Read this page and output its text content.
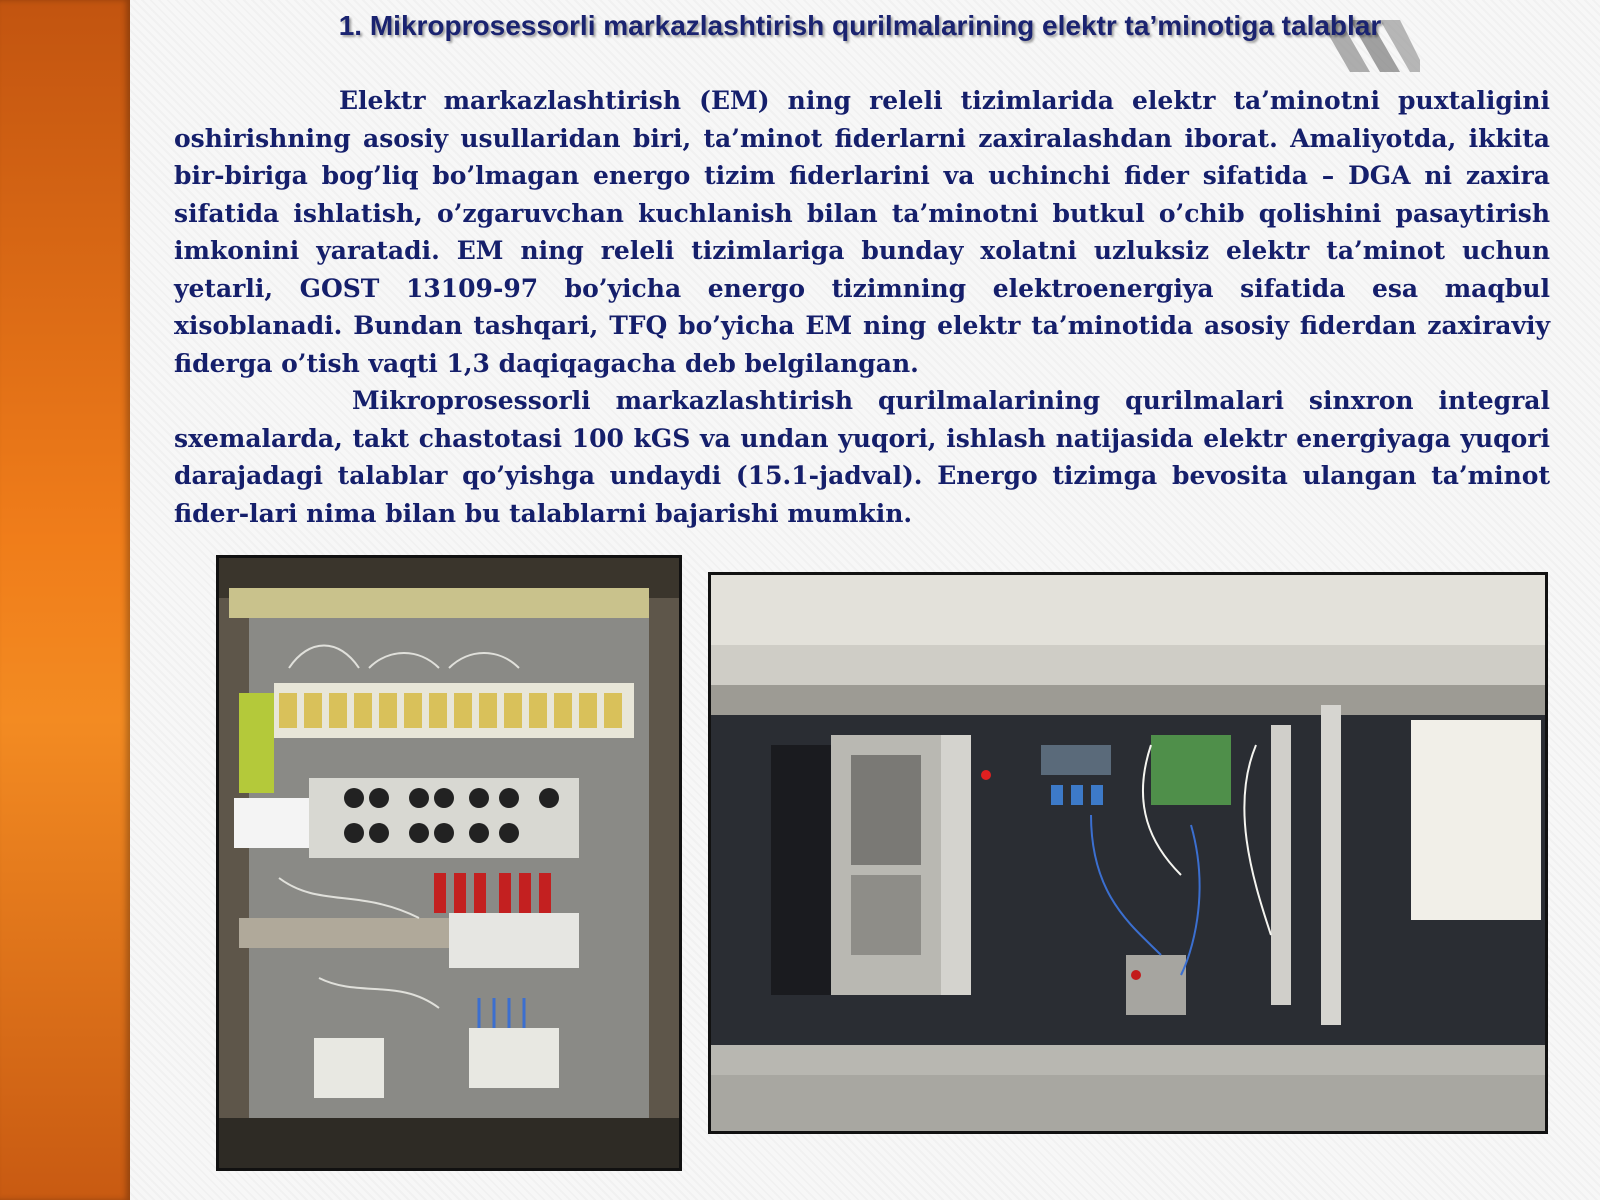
1. Mikroprosessorli markazlashtirish qurilmalarining elektr ta’minotiga talablar

Elektr markazlashtirish (EM) ning releli tizimlarida elektr ta’minotni puxtaligini oshirishning asosiy usullaridan biri, ta’minot fiderlarni zaxiralashdan iborat. Amaliyotda, ikkita bir-biriga bog’liq bo’lmagan energo tizim fiderlarini va uchinchi fider sifatida – DGA ni zaxira sifatida ishlatish, o’zgaruvchan kuchlanish bilan ta’minotni butkul o’chib qolishini pasaytirish imkonini yaratadi. EM ning releli tizimlariga bunday xolatni uzluksiz elektr ta’minot uchun yetarli, GOST 13109-97 bo’yicha energo tizimning elektroenergiya sifatida esa maqbul xisoblanadi. Bundan tashqari, TFQ bo’yicha EM ning elektr ta’minotida asosiy fiderdan zaxiraviy fiderga o’tish vaqti 1,3 daqiqagacha deb belgilangan.

Mikroprosessorli markazlashtirish qurilmalarining qurilmalari sinxron integral sxemalarda, takt chastotasi 100 kGS va undan yuqori, ishlash natijasida elektr energiyaga yuqori darajadagi talablar qo’yishga undaydi (15.1-jadval). Energo tizimga bevosita ulangan ta’minot fider-lari nima bilan bu talablarni bajarishi mumkin.
